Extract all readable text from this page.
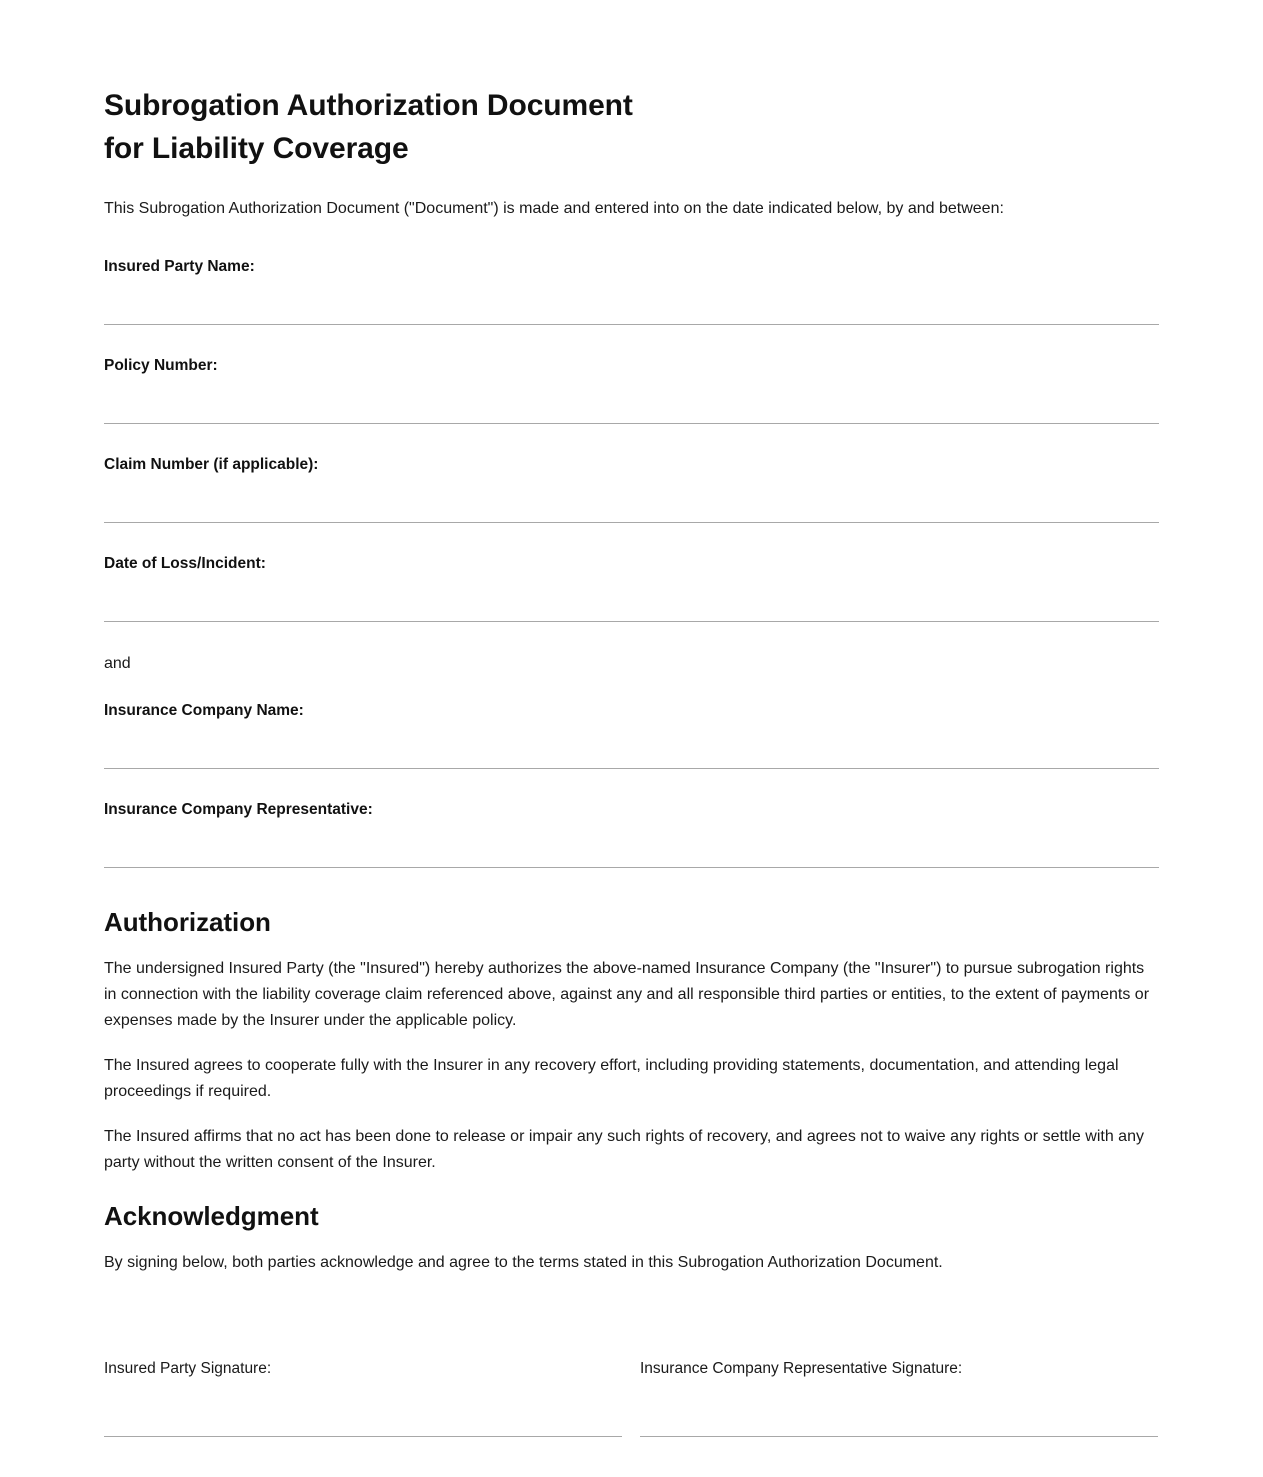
Subrogation Authorization Document
for Liability Coverage

This Subrogation Authorization Document ("Document") is made and entered into on the date indicated below, by and between:

Insured Party Name:
Policy Number:
Claim Number (if applicable):
Date of Loss/Incident:
and
Insurance Company Name:
Insurance Company Representative:
Authorization

The undersigned Insured Party (the "Insured") hereby authorizes the above-named Insurance Company (the "Insurer") to pursue subrogation rights in connection with the liability coverage claim referenced above, against any and all responsible third parties or entities, to the extent of payments or expenses made by the Insurer under the applicable policy.

The Insured agrees to cooperate fully with the Insurer in any recovery effort, including providing statements, documentation, and attending legal proceedings if required.

The Insured affirms that no act has been done to release or impair any such rights of recovery, and agrees not to waive any rights or settle with any party without the written consent of the Insurer.

Acknowledgment

By signing below, both parties acknowledge and agree to the terms stated in this Subrogation Authorization Document.

Insured Party Signature:	Insurance Company Representative Signature:
